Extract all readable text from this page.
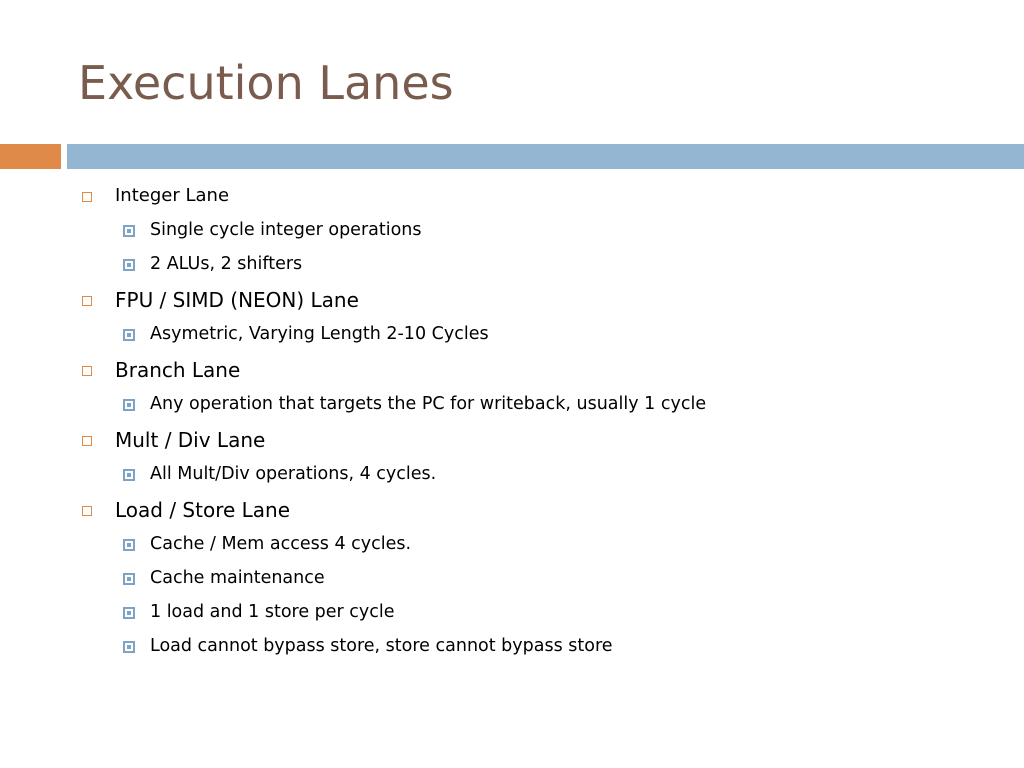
Execution Lanes
Integer Lane
Single cycle integer operations
2 ALUs, 2 shifters
FPU / SIMD (NEON) Lane
Asymetric, Varying Length 2-10 Cycles
Branch Lane
Any operation that targets the PC for writeback, usually 1 cycle
Mult / Div Lane
All Mult/Div operations, 4 cycles.
Load / Store Lane
Cache / Mem access 4 cycles.
Cache maintenance
1 load and 1 store per cycle
Load cannot bypass store, store cannot bypass store
